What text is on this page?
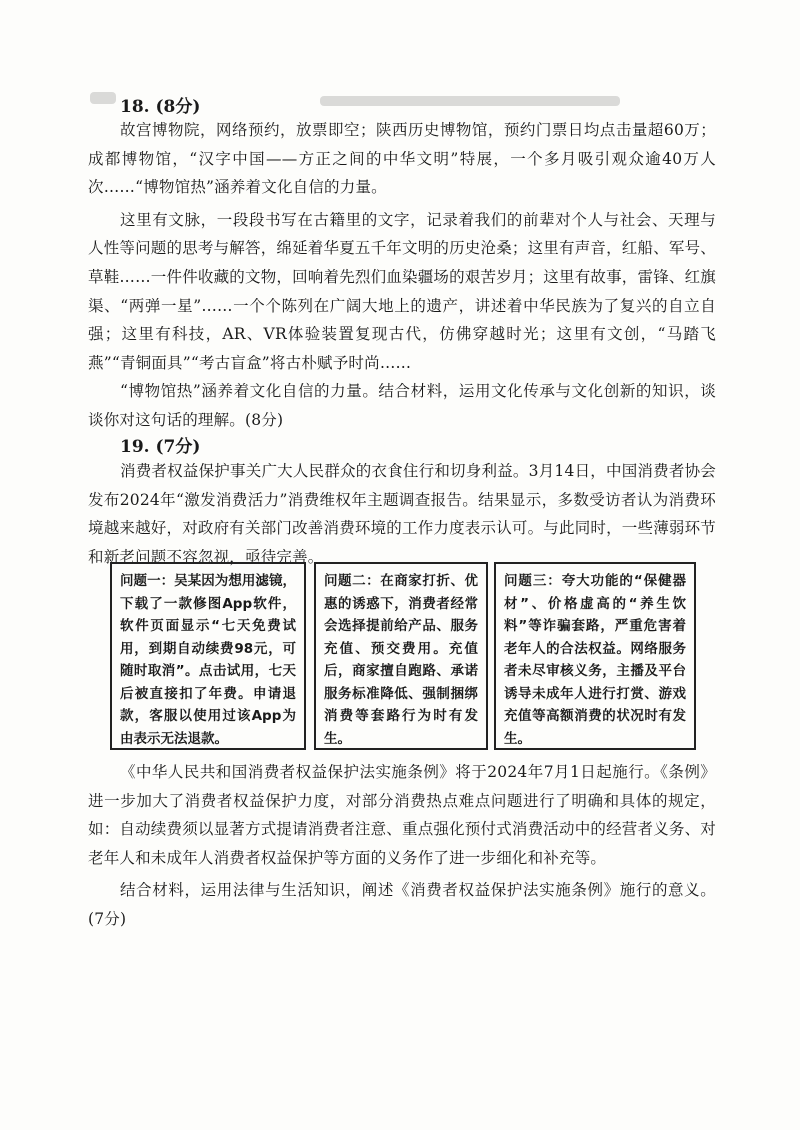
18. (8分)

故宫博物院，网络预约，放票即空；陕西历史博物馆，预约门票日均点击量超60万；成都博物馆，“汉字中国——方正之间的中华文明”特展，一个多月吸引观众逾40万人次……“博物馆热”涵养着文化自信的力量。

这里有文脉，一段段书写在古籍里的文字，记录着我们的前辈对个人与社会、天理与人性等问题的思考与解答，绵延着华夏五千年文明的历史沧桑；这里有声音，红船、军号、草鞋……一件件收藏的文物，回响着先烈们血染疆场的艰苦岁月；这里有故事，雷锋、红旗渠、“两弹一星”……一个个陈列在广阔大地上的遗产，讲述着中华民族为了复兴的自立自强；这里有科技，AR、VR体验装置复现古代，仿佛穿越时光；这里有文创，“马踏飞燕”“青铜面具”“考古盲盒”将古朴赋予时尚……

“博物馆热”涵养着文化自信的力量。结合材料，运用文化传承与文化创新的知识，谈谈你对这句话的理解。(8分)

19. (7分)

消费者权益保护事关广大人民群众的衣食住行和切身利益。3月14日，中国消费者协会发布2024年“激发消费活力”消费维权年主题调查报告。结果显示，多数受访者认为消费环境越来越好，对政府有关部门改善消费环境的工作力度表示认可。与此同时，一些薄弱环节和新老问题不容忽视，亟待完善。

问题一：吴某因为想用滤镜，下载了一款修图App软件，软件页面显示“七天免费试用，到期自动续费98元，可随时取消”。点击试用，七天后被直接扣了年费。申请退款，客服以使用过该App为由表示无法退款。
问题二：在商家打折、优惠的诱惑下，消费者经常会选择提前给产品、服务充值、预交费用。充值后，商家擅自跑路、承诺服务标准降低、强制捆绑消费等套路行为时有发生。
问题三：夸大功能的“保健器材”、价格虚高的“养生饮料”等诈骗套路，严重危害着老年人的合法权益。网络服务者未尽审核义务，主播及平台诱导未成年人进行打赏、游戏充值等高额消费的状况时有发生。

《中华人民共和国消费者权益保护法实施条例》将于2024年7月1日起施行。《条例》进一步加大了消费者权益保护力度，对部分消费热点难点问题进行了明确和具体的规定，如：自动续费须以显著方式提请消费者注意、重点强化预付式消费活动中的经营者义务、对老年人和未成年人消费者权益保护等方面的义务作了进一步细化和补充等。

结合材料，运用法律与生活知识，阐述《消费者权益保护法实施条例》施行的意义。(7分)
